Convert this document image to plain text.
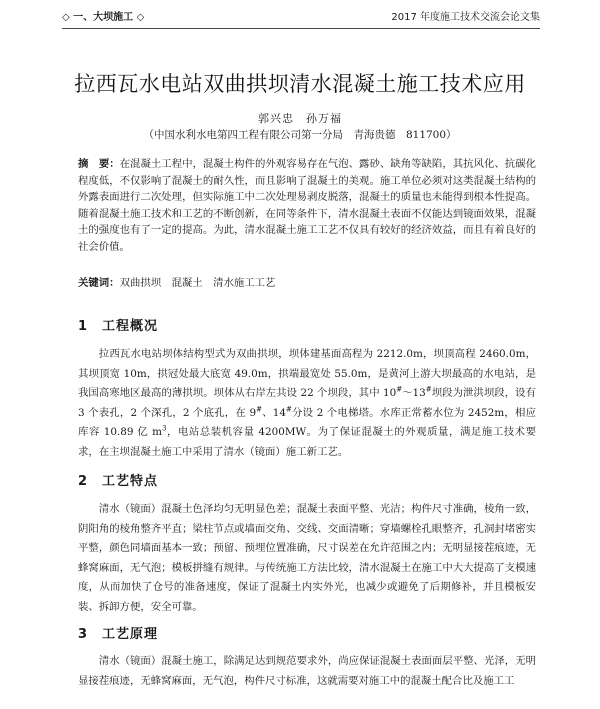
◇ 一、大坝施工 ◇	2017 年度施工技术交流会论文集
拉西瓦水电站双曲拱坝清水混凝土施工技术应用
郭兴忠　孙万福
（中国水利水电第四工程有限公司第一分局　青海贵德　811700）
摘　要：在混凝土工程中，混凝土构件的外观容易存在气泡、露砂、缺角等缺陷，其抗风化、抗碳化程度低，不仅影响了混凝土的耐久性，而且影响了混凝土的美观。施工单位必须对这类混凝土结构的外露表面进行二次处理，但实际施工中二次处理易剥皮脱落，混凝土的质量也未能得到根本性提高。随着混凝土施工技术和工艺的不断创新，在同等条件下，清水混凝土表面不仅能达到镜面效果，混凝土的强度也有了一定的提高。为此，清水混凝土施工工艺不仅具有较好的经济效益，而且有着良好的社会价值。
关键词：双曲拱坝　混凝土　清水施工工艺
1 工程概况
拉西瓦水电站坝体结构型式为双曲拱坝，坝体建基面高程为 2212.0m，坝顶高程 2460.0m，其坝顶宽 10m，拱冠处最大底宽 49.0m，拱端最宽处 55.0m，是黄河上游大坝最高的水电站，是我国高寒地区最高的薄拱坝。坝体从右岸左共设 22 个坝段，其中 10#～13#坝段为泄洪坝段，设有 3 个表孔，2 个深孔，2 个底孔，在 9#、14#分设 2 个电梯塔。水库正常蓄水位为 2452m，相应库容 10.89 亿 $m^3$，电站总装机容量 4200MW。为了保证混凝土的外观质量，满足施工技术要求，在主坝混凝土施工中采用了清水（镜面）施工新工艺。
2 工艺特点
清水（镜面）混凝土色泽均匀无明显色差；混凝土表面平整、光洁；构件尺寸准确，棱角一致，阴阳角的棱角整齐平直；梁柱节点或墙面交角、交线、交面清晰；穿墙螺栓孔眼整齐，孔洞封堵密实平整，颜色同墙面基本一致；预留、预埋位置准确，尺寸误差在允许范围之内；无明显接茬痕迹，无蜂窝麻面，无气泡；模板拼缝有规律。与传统施工方法比较，清水混凝土在施工中大大提高了支模速度，从而加快了仓号的准备速度，保证了混凝土内实外光，也减少或避免了后期修补，并且模板安装、拆卸方便，安全可靠。
3 工艺原理
清水（镜面）混凝土施工，除满足达到规范要求外，尚应保证混凝土表面面层平整、光泽，无明显接茬痕迹，无蜂窝麻面，无气泡，构件尺寸标准，这就需要对施工中的混凝土配合比及施工工
